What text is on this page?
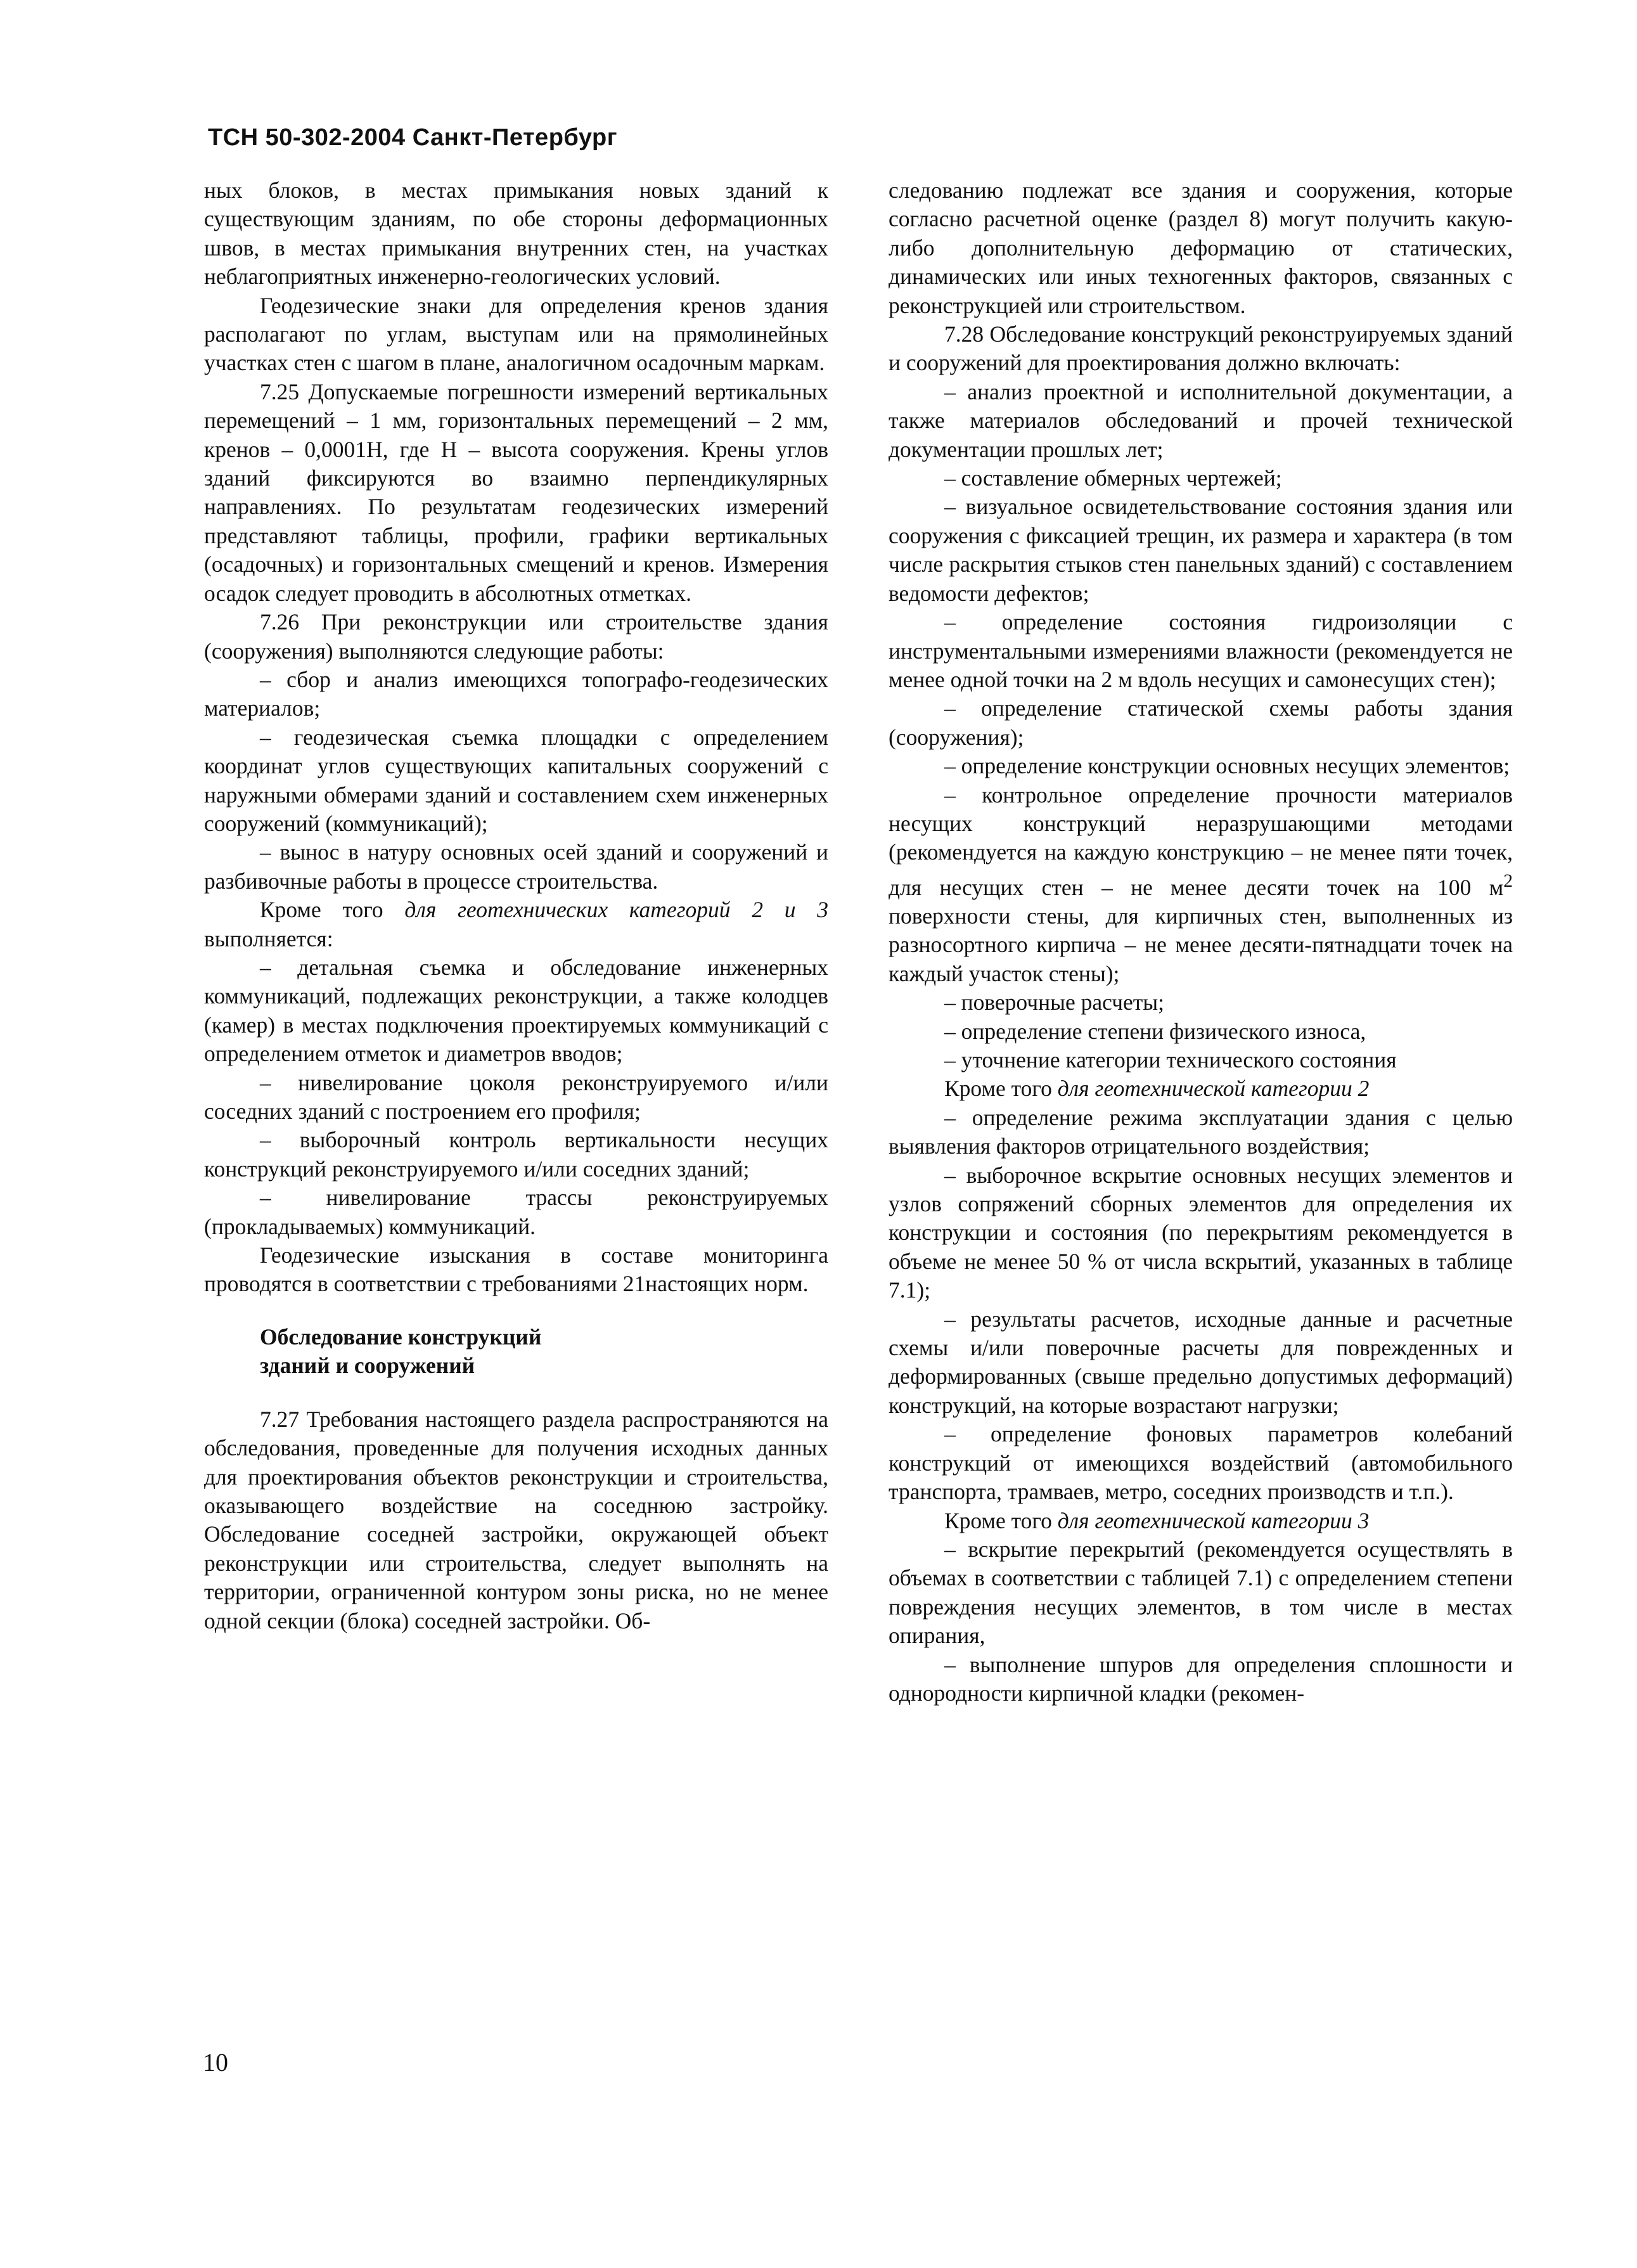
ТСН 50-302-2004 Санкт-Петербург

ных блоков, в местах примыкания новых зданий к существующим зданиям, по обе стороны деформационных швов, в местах примыкания внутренних стен, на участках неблагоприятных инженерно-геологических условий.

Геодезические знаки для определения кренов здания располагают по углам, выступам или на прямолинейных участках стен с шагом в плане, аналогичном осадочным маркам.

7.25 Допускаемые погрешности измерений вертикальных перемещений – 1 мм, горизонтальных перемещений – 2 мм, кренов – 0,0001Н, где Н – высота сооружения. Крены углов зданий фиксируются во взаимно перпендикулярных направлениях. По результатам геодезических измерений представляют таблицы, профили, графики вертикальных (осадочных) и горизонтальных смещений и кренов. Измерения осадок следует проводить в абсолютных отметках.

7.26 При реконструкции или строительстве здания (сооружения) выполняются следующие работы:

– сбор и анализ имеющихся топографо-геодезических материалов;

– геодезическая съемка площадки с определением координат углов существующих капитальных сооружений с наружными обмерами зданий и составлением схем инженерных сооружений (коммуникаций);

– вынос в натуру основных осей зданий и сооружений и разбивочные работы в процессе строительства.

Кроме того для геотехнических категорий 2 и 3 выполняется:

– детальная съемка и обследование инженерных коммуникаций, подлежащих реконструкции, а также колодцев (камер) в местах подключения проектируемых коммуникаций с определением отметок и диаметров вводов;

– нивелирование цоколя реконструируемого и/или соседних зданий с построением его профиля;

– выборочный контроль вертикальности несущих конструкций реконструируемого и/или соседних зданий;

– нивелирование трассы реконструируемых (прокладываемых) коммуникаций.

Геодезические изыскания в составе мониторинга проводятся в соответствии с требованиями 21настоящих норм.

Обследование конструкций
зданий и сооружений

7.27 Требования настоящего раздела распространяются на обследования, проведенные для получения исходных данных для проектирования объектов реконструкции и строительства, оказывающего воздействие на соседнюю застройку. Обследование соседней застройки, окружающей объект реконструкции или строительства, следует выполнять на территории, ограниченной контуром зоны риска, но не менее одной секции (блока) соседней застройки. Об-

следованию подлежат все здания и сооружения, которые согласно расчетной оценке (раздел 8) могут получить какую-либо дополнительную деформацию от статических, динамических или иных техногенных факторов, связанных с реконструкцией или строительством.

7.28 Обследование конструкций реконструируемых зданий и сооружений для проектирования должно включать:

– анализ проектной и исполнительной документации, а также материалов обследований и прочей технической документации прошлых лет;

– составление обмерных чертежей;

– визуальное освидетельствование состояния здания или сооружения с фиксацией трещин, их размера и характера (в том числе раскрытия стыков стен панельных зданий) с составлением ведомости дефектов;

– определение состояния гидроизоляции с инструментальными измерениями влажности (рекомендуется не менее одной точки на 2 м вдоль несущих и самонесущих стен);

– определение статической схемы работы здания (сооружения);

– определение конструкции основных несущих элементов;

– контрольное определение прочности материалов несущих конструкций неразрушающими методами (рекомендуется на каждую конструкцию – не менее пяти точек, для несущих стен – не менее десяти точек на 100 $м^2$ поверхности стены, для кирпичных стен, выполненных из разносортного кирпича – не менее десяти-пятнадцати точек на каждый участок стены);

– поверочные расчеты;

– определение степени физического износа,

– уточнение категории технического состояния

Кроме того для геотехнической категории 2

– определение режима эксплуатации здания с целью выявления факторов отрицательного воздействия;

– выборочное вскрытие основных несущих элементов и узлов сопряжений сборных элементов для определения их конструкции и состояния (по перекрытиям рекомендуется в объеме не менее 50 % от числа вскрытий, указанных в таблице 7.1);

– результаты расчетов, исходные данные и расчетные схемы и/или поверочные расчеты для поврежденных и деформированных (свыше предельно допустимых деформаций) конструкций, на которые возрастают нагрузки;

– определение фоновых параметров колебаний конструкций от имеющихся воздействий (автомобильного транспорта, трамваев, метро, соседних производств и т.п.).

Кроме того для геотехнической категории 3

– вскрытие перекрытий (рекомендуется осуществлять в объемах в соответствии с таблицей 7.1) с определением степени повреждения несущих элементов, в том числе в местах опирания,

– выполнение шпуров для определения сплошности и однородности кирпичной кладки (рекомен-

10
